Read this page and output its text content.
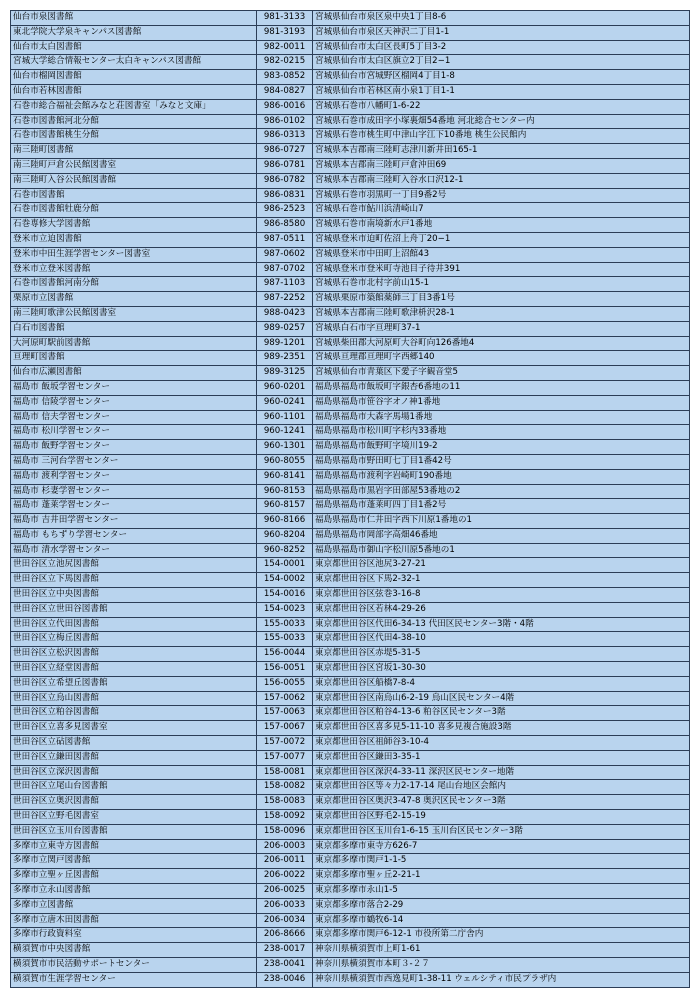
仙台市泉図書館	981-3133	宮城県仙台市泉区泉中央1丁目8-6
東北学院大学泉キャンパス図書館	981-3193	宮城県仙台市泉区天神沢二丁目1-1
仙台市太白図書館	982-0011	宮城県仙台市太白区長町5丁目3-2
宮城大学総合情報センター太白キャンパス図書館	982-0215	宮城県仙台市太白区旗立2丁目2−1
仙台市榴岡図書館	983-0852	宮城県仙台市宮城野区榴岡4丁目1-8
仙台市若林図書館	984-0827	宮城県仙台市若林区南小泉1丁目1-1
石巻市総合福祉会館みなと荘図書室「みなと文庫」	986-0016	宮城県石巻市八幡町1-6-22
石巻市図書館河北分館	986-0102	宮城県石巻市成田字小塚裏畑54番地 河北総合センター内
石巻市図書館桃生分館	986-0313	宮城県石巻市桃生町中津山字江下10番地 桃生公民館内
南三陸町図書館	986-0727	宮城県本吉郡南三陸町志津川新井田165-1
南三陸町戸倉公民館図書室	986-0781	宮城県本吉郡南三陸町戸倉沖田69
南三陸町入谷公民館図書館	986-0782	宮城県本吉郡南三陸町入谷水口沢12-1
石巻市図書館	986-0831	宮城県石巻市羽黒町一丁目9番2号
石巻市図書館牡鹿分館	986-2523	宮城県石巻市鮎川浜清崎山7
石巻専修大学図書館	986-8580	宮城県石巻市南境新水戸1番地
登米市立迫図書館	987-0511	宮城県登米市迫町佐沼上舟丁20−1
登米市中田生涯学習センター図書室	987-0602	宮城県登米市中田町上沼館43
登米市立登米図書館	987-0702	宮城県登米市登米町寺池目子待井391
石巻市図書館河南分館	987-1103	宮城県石巻市北村字前山15-1
栗原市立図書館	987-2252	宮城県栗原市築館薬師三丁目3番1号
南三陸町歌津公民館図書室	988-0423	宮城県本吉郡南三陸町歌津枡沢28-1
白石市図書館	989-0257	宮城県白石市字亘理町37-1
大河原町駅前図書館	989-1201	宮城県柴田郡大河原町大谷町向126番地4
亘理町図書館	989-2351	宮城県亘理郡亘理町字西郷140
仙台市広瀬図書館	989-3125	宮城県仙台市青葉区下愛子字観音堂5
福島市 飯坂学習センター	960-0201	福島県福島市飯坂町字銀杏6番地の11
福島市 信陵学習センター	960-0241	福島県福島市笹谷字オノ神1番地
福島市 信夫学習センター	960-1101	福島県福島市大森字馬場1番地
福島市 松川学習センター	960-1241	福島県福島市松川町字杉内33番地
福島市 飯野学習センター	960-1301	福島県福島市飯野町字境川19-2
福島市 三河台学習センター	960-8055	福島県福島市野田町七丁目1番42号
福島市 渡利学習センター	960-8141	福島県福島市渡利字岩崎町190番地
福島市 杉妻学習センター	960-8153	福島県福島市黒岩字田部屋53番地の2
福島市 蓬莱学習センター	960-8157	福島県福島市蓬莱町四丁目1番2号
福島市 吉井田学習センター	960-8166	福島県福島市仁井田字西下川原1番地の1
福島市 もちずり学習センター	960-8204	福島県福島市岡部字高畑46番地
福島市 清水学習センター	960-8252	福島県福島市御山字松川原5番地の1
世田谷区立池尻図書館	154-0001	東京都世田谷区池尻3-27-21
世田谷区立下馬図書館	154-0002	東京都世田谷区下馬2-32-1
世田谷区立中央図書館	154-0016	東京都世田谷区弦巻3-16-8
世田谷区立世田谷図書館	154-0023	東京都世田谷区若林4-29-26
世田谷区立代田図書館	155-0033	東京都世田谷区代田6-34-13 代田区民センター3階・4階
世田谷区立梅丘図書館	155-0033	東京都世田谷区代田4-38-10
世田谷区立松沢図書館	156-0044	東京都世田谷区赤堤5-31-5
世田谷区立経堂図書館	156-0051	東京都世田谷区宮坂1-30-30
世田谷区立希望丘図書館	156-0055	東京都世田谷区船橋7-8-4
世田谷区立烏山図書館	157-0062	東京都世田谷区南烏山6-2-19 烏山区民センター4階
世田谷区立粕谷図書館	157-0063	東京都世田谷区粕谷4-13-6 粕谷区民センター3階
世田谷区立喜多見図書室	157-0067	東京都世田谷区喜多見5-11-10 喜多見複合施設3階
世田谷区立砧図書館	157-0072	東京都世田谷区祖師谷3-10-4
世田谷区立鎌田図書館	157-0077	東京都世田谷区鎌田3-35-1
世田谷区立深沢図書館	158-0081	東京都世田谷区深沢4-33-11 深沢区民センター地階
世田谷区立尾山台図書館	158-0082	東京都世田谷区等々力2-17-14 尾山台地区会館内
世田谷区立奥沢図書館	158-0083	東京都世田谷区奥沢3-47-8 奥沢区民センター3階
世田谷区立野毛図書室	158-0092	東京都世田谷区野毛2-15-19
世田谷区立玉川台図書館	158-0096	東京都世田谷区玉川台1-6-15 玉川台区民センター3階
多摩市立東寺方図書館	206-0003	東京都多摩市東寺方626-7
多摩市立関戸図書館	206-0011	東京都多摩市関戸1-1-5
多摩市立聖ヶ丘図書館	206-0022	東京都多摩市聖ヶ丘2-21-1
多摩市立永山図書館	206-0025	東京都多摩市永山1-5
多摩市立図書館	206-0033	東京都多摩市落合2-29
多摩市立唐木田図書館	206-0034	東京都多摩市鶴牧6-14
多摩市行政資料室	206-8666	東京都多摩市関戸6-12-1 市役所第二庁舎内
横須賀市中央図書館	238-0017	神奈川県横須賀市上町1-61
横須賀市市民活動サポートセンター	238-0041	神奈川県横須賀市本町３-２７
横須賀市生涯学習センター	238-0046	神奈川県横須賀市西逸見町1-38-11 ウェルシティ市民プラザ内
